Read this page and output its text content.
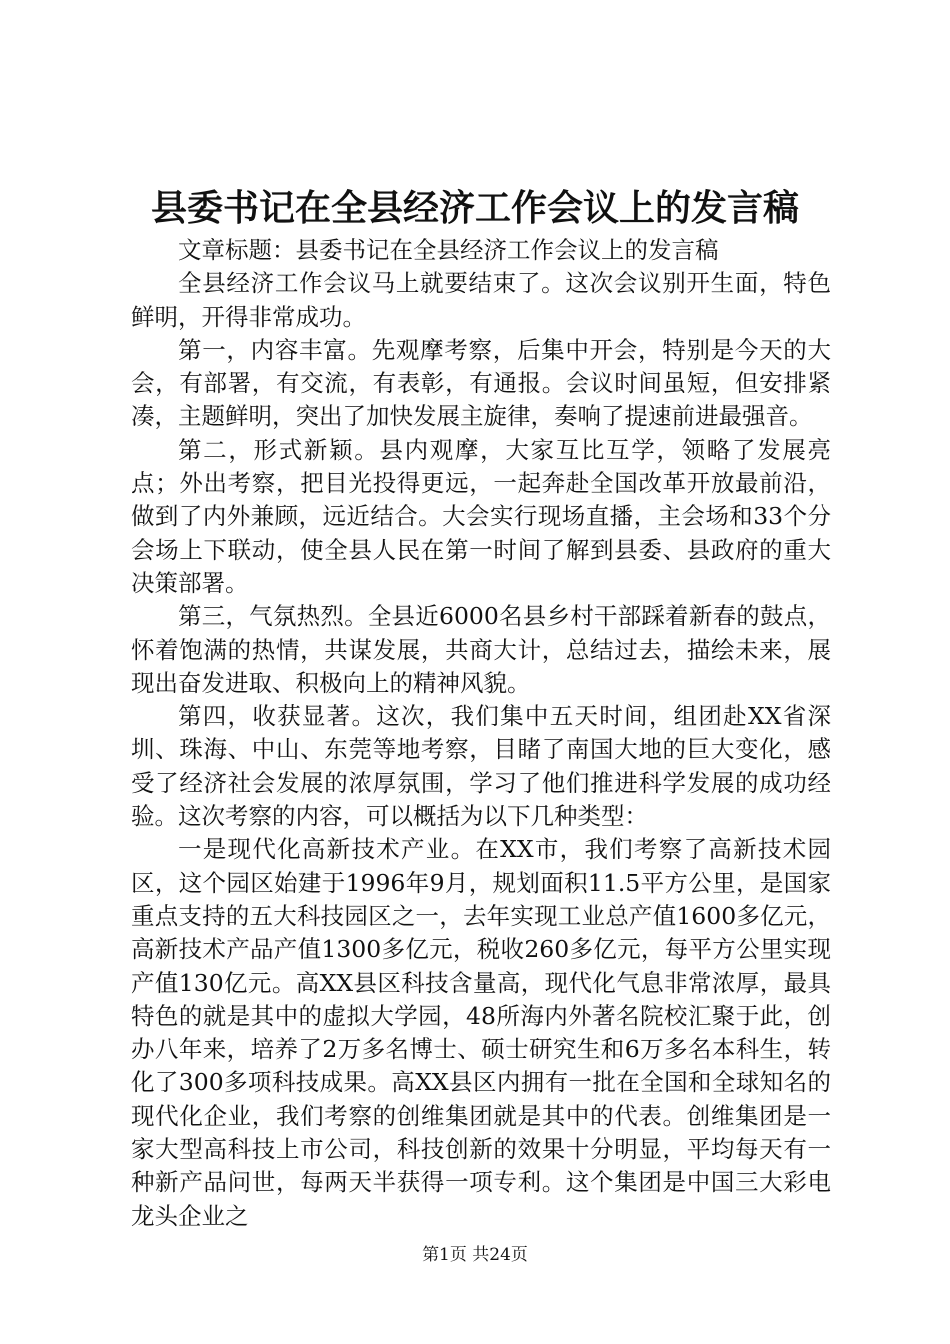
县委书记在全县经济工作会议上的发言稿

文章标题：县委书记在全县经济工作会议上的发言稿

全县经济工作会议马上就要结束了。这次会议别开生面，特色鲜明，开得非常成功。

第一，内容丰富。先观摩考察，后集中开会，特别是今天的大会，有部署，有交流，有表彰，有通报。会议时间虽短，但安排紧凑，主题鲜明，突出了加快发展主旋律，奏响了提速前进最强音。

第二，形式新颖。县内观摩，大家互比互学，领略了发展亮点；外出考察，把目光投得更远，一起奔赴全国改革开放最前沿，做到了内外兼顾，远近结合。大会实行现场直播，主会场和33个分会场上下联动，使全县人民在第一时间了解到县委、县政府的重大决策部署。

第三，气氛热烈。全县近6000名县乡村干部踩着新春的鼓点，怀着饱满的热情，共谋发展，共商大计，总结过去，描绘未来，展现出奋发进取、积极向上的精神风貌。

第四，收获显著。这次，我们集中五天时间，组团赴XX省深圳、珠海、中山、东莞等地考察，目睹了南国大地的巨大变化，感受了经济社会发展的浓厚氛围，学习了他们推进科学发展的成功经验。这次考察的内容，可以概括为以下几种类型：

一是现代化高新技术产业。在XX市，我们考察了高新技术园区，这个园区始建于1996年9月，规划面积11.5平方公里，是国家重点支持的五大科技园区之一，去年实现工业总产值1600多亿元，高新技术产品产值1300多亿元，税收260多亿元，每平方公里实现产值130亿元。高XX县区科技含量高，现代化气息非常浓厚，最具特色的就是其中的虚拟大学园，48所海内外著名院校汇聚于此，创办八年来，培养了2万多名博士、硕士研究生和6万多名本科生，转化了300多项科技成果。高XX县区内拥有一批在全国和全球知名的现代化企业，我们考察的创维集团就是其中的代表。创维集团是一家大型高科技上市公司，科技创新的效果十分明显，平均每天有一种新产品问世，每两天半获得一项专利。这个集团是中国三大彩电龙头企业之

第1页 共24页
